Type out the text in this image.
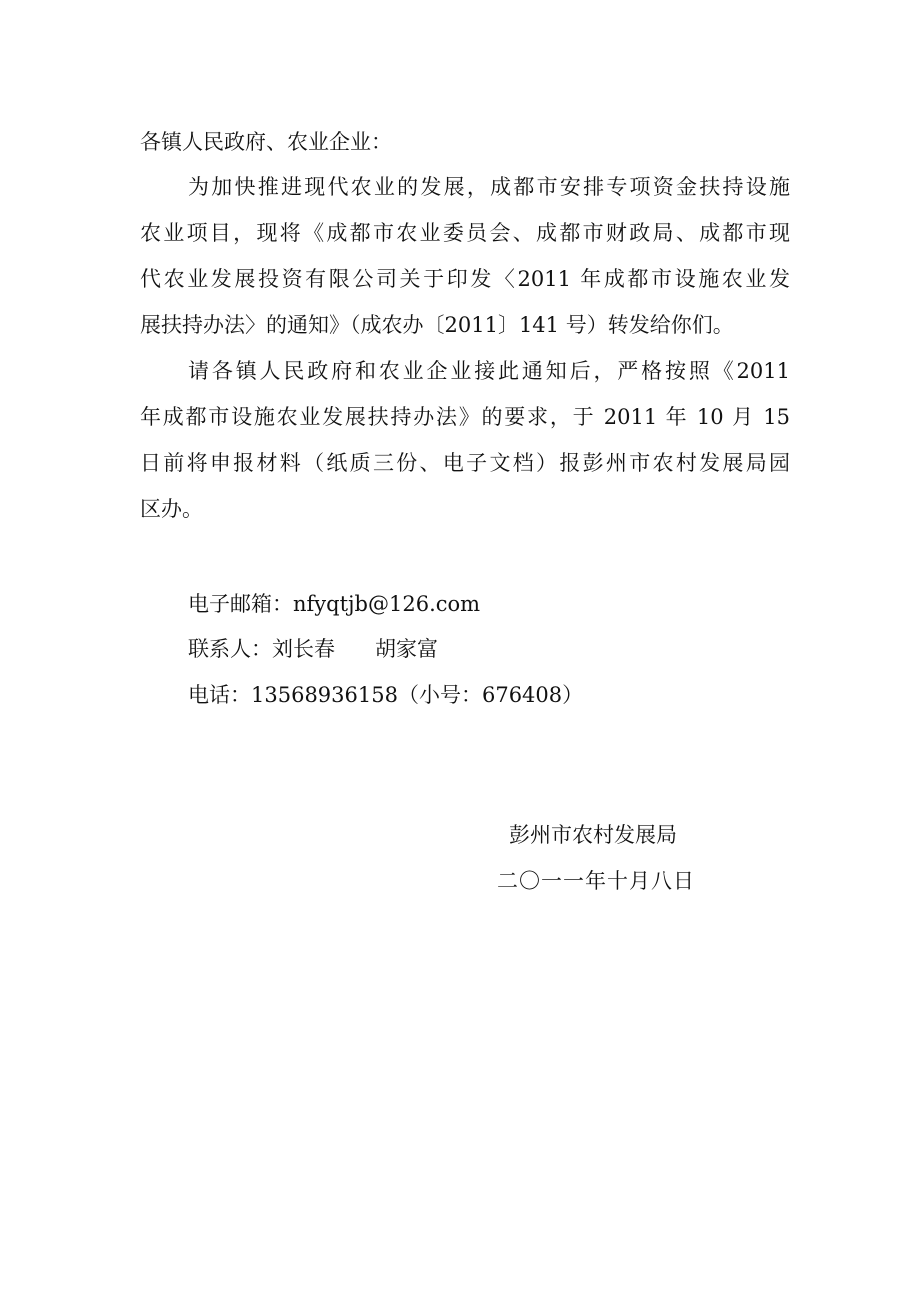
各镇人民政府、农业企业：
为加快推进现代农业的发展，成都市安排专项资金扶持设施
农业项目，现将《成都市农业委员会、成都市财政局、成都市现
代农业发展投资有限公司关于印发〈2011 年成都市设施农业发
展扶持办法〉的通知》（成农办〔2011〕141 号）转发给你们。
请各镇人民政府和农业企业接此通知后，严格按照《2011
年成都市设施农业发展扶持办法》的要求，于 2011 年 10 月 15
日前将申报材料（纸质三份、电子文档）报彭州市农村发展局园
区办。
电子邮箱：nfyqtjb@126.com
联系人：刘长春 胡家富
电话：13568936158（小号：676408）
彭州市农村发展局
二〇一一年十月八日
